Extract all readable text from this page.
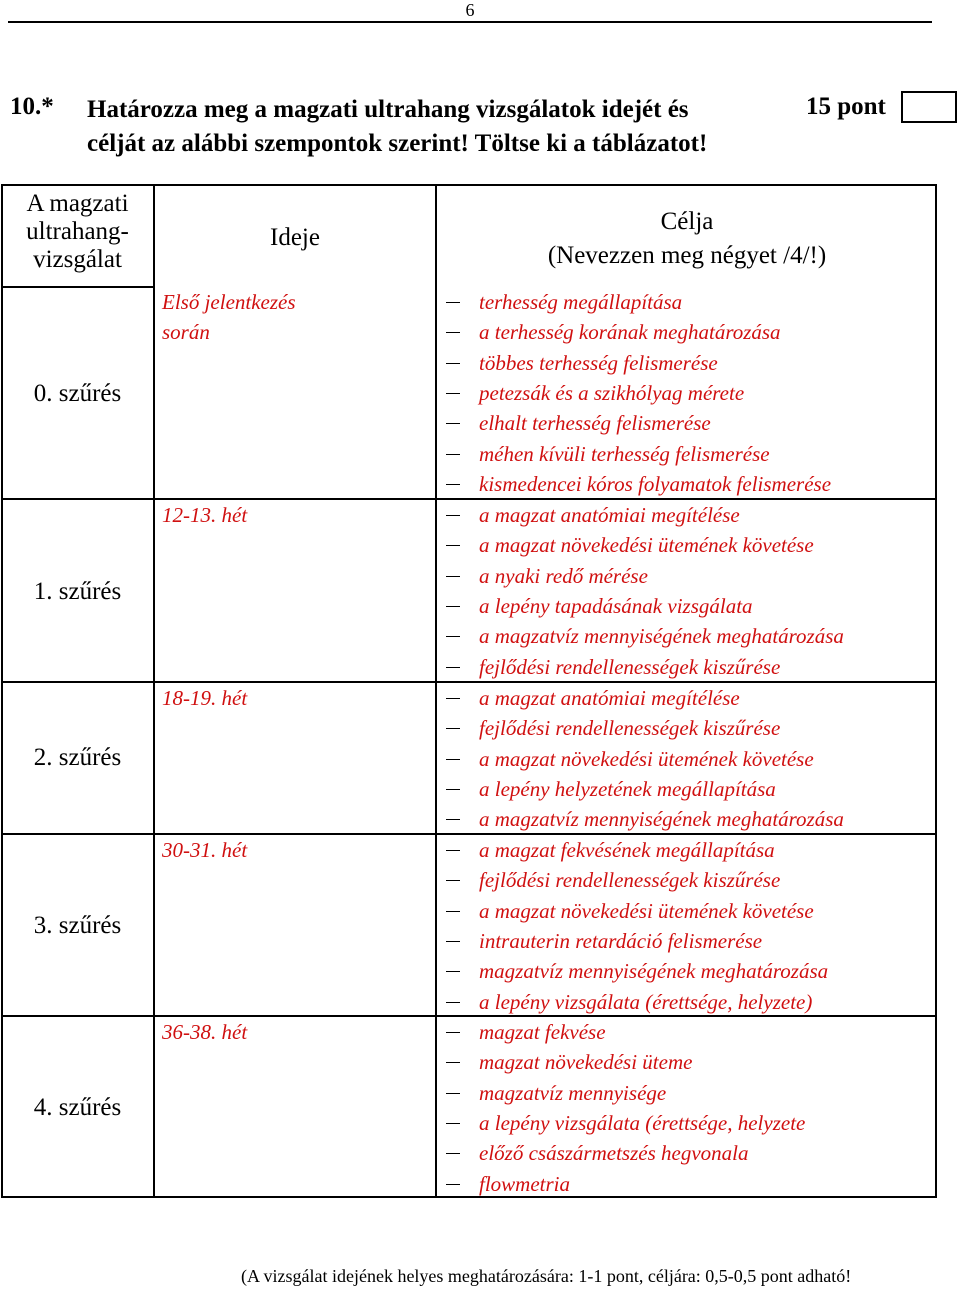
6
10.* Határozza meg a magzati ultrahang vizsgálatok idejét és
célját az alábbi szempontok szerint! Töltse ki a táblázatot!
15 pont
A magzati
ultrahang-
vizsgálat
Ideje
Célja
(Nevezzen meg négyet /4/!)
0. szűrés
1. szűrés
2. szűrés
3. szűrés
4. szűrés
Első jelentkezés
során
12-13. hét
18-19. hét
30-31. hét
36-38. hét
terhesség megállapítása
a terhesség korának meghatározása
többes terhesség felismerése
petezsák és a szikhólyag mérete
elhalt terhesség felismerése
méhen kívüli terhesség felismerése
kismedencei kóros folyamatok felismerése
a magzat anatómiai megítélése
a magzat növekedési ütemének követése
a nyaki redő mérése
a lepény tapadásának vizsgálata
a magzatvíz mennyiségének meghatározása
fejlődési rendellenességek kiszűrése
a magzat anatómiai megítélése
fejlődési rendellenességek kiszűrése
a magzat növekedési ütemének követése
a lepény helyzetének megállapítása
a magzatvíz mennyiségének meghatározása
a magzat fekvésének megállapítása
fejlődési rendellenességek kiszűrése
a magzat növekedési ütemének követése
intrauterin retardáció felismerése
magzatvíz mennyiségének meghatározása
a lepény vizsgálata (érettsége, helyzete)
magzat fekvése
magzat növekedési üteme
magzatvíz mennyisége
a lepény vizsgálata (érettsége, helyzete
előző császármetszés hegvonala
flowmetria
(A vizsgálat idejének helyes meghatározására: 1-1 pont, céljára: 0,5-0,5 pont adható!
